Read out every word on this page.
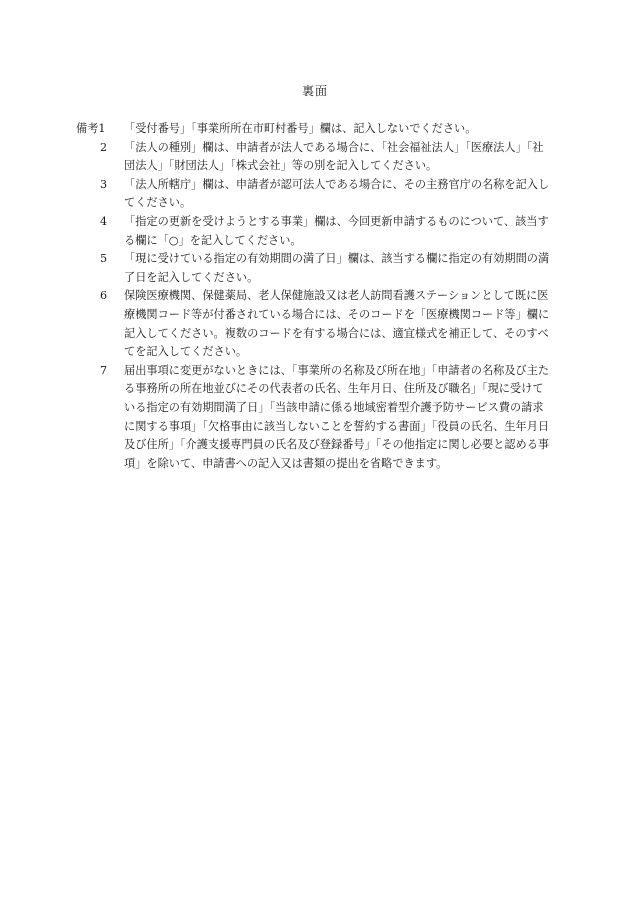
裏面
備考1	「受付番号」「事業所所在市町村番号」欄は、記入しないでください。
2	「法人の種別」欄は、申請者が法人である場合に、「社会福祉法人」「医療法人」「社団法人」「財団法人」「株式会社」等の別を記入してください。
3	「法人所轄庁」欄は、申請者が認可法人である場合に、その主務官庁の名称を記入してください。
4	「指定の更新を受けようとする事業」欄は、今回更新申請するものについて、該当する欄に「○」を記入してください。
5	「現に受けている指定の有効期間の満了日」欄は、該当する欄に指定の有効期間の満了日を記入してください。
6	保険医療機関、保健薬局、老人保健施設又は老人訪問看護ステーションとして既に医療機関コード等が付番されている場合には、そのコードを「医療機関コード等」欄に記入してください。複数のコードを有する場合には、適宜様式を補正して、そのすべてを記入してください。
7	届出事項に変更がないときには、「事業所の名称及び所在地」「申請者の名称及び主たる事務所の所在地並びにその代表者の氏名、生年月日、住所及び職名」「現に受けている指定の有効期間満了日」「当該申請に係る地域密着型介護予防サービス費の請求に関する事項」「欠格事由に該当しないことを誓約する書面」「役員の氏名、生年月日及び住所」「介護支援専門員の氏名及び登録番号」「その他指定に関し必要と認める事項」を除いて、申請書への記入又は書類の提出を省略できます。
